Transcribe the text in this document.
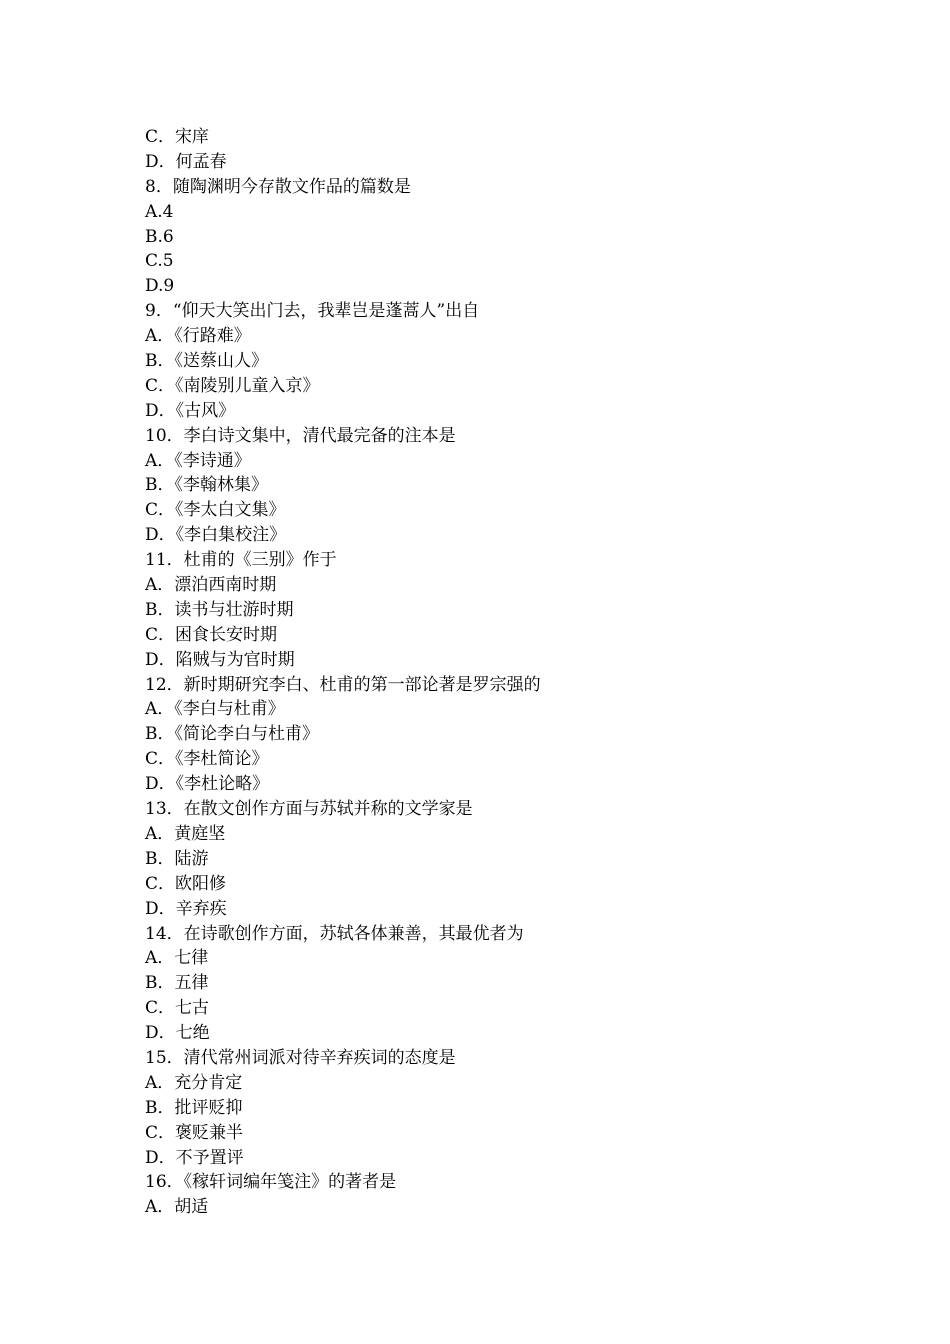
C．宋庠
D．何孟春
8．随陶渊明今存散文作品的篇数是
A.4
B.6
C.5
D.9
9．“仰天大笑出门去，我辈岂是蓬蒿人”出自
A．《行路难》
B．《送蔡山人》
C．《南陵别儿童入京》
D．《古风》
10．李白诗文集中，清代最完备的注本是
A．《李诗通》
B．《李翰林集》
C．《李太白文集》
D．《李白集校注》
11．杜甫的《三别》作于
A．漂泊西南时期
B．读书与壮游时期
C．困食长安时期
D．陷贼与为官时期
12．新时期研究李白、杜甫的第一部论著是罗宗强的
A．《李白与杜甫》
B．《简论李白与杜甫》
C．《李杜简论》
D．《李杜论略》
13．在散文创作方面与苏轼并称的文学家是
A．黄庭坚
B．陆游
C．欧阳修
D．辛弃疾
14．在诗歌创作方面，苏轼各体兼善，其最优者为
A．七律
B．五律
C．七古
D．七绝
15．清代常州词派对待辛弃疾词的态度是
A．充分肯定
B．批评贬抑
C．褒贬兼半
D．不予置评
16．《稼轩词编年笺注》的著者是
A．胡适
